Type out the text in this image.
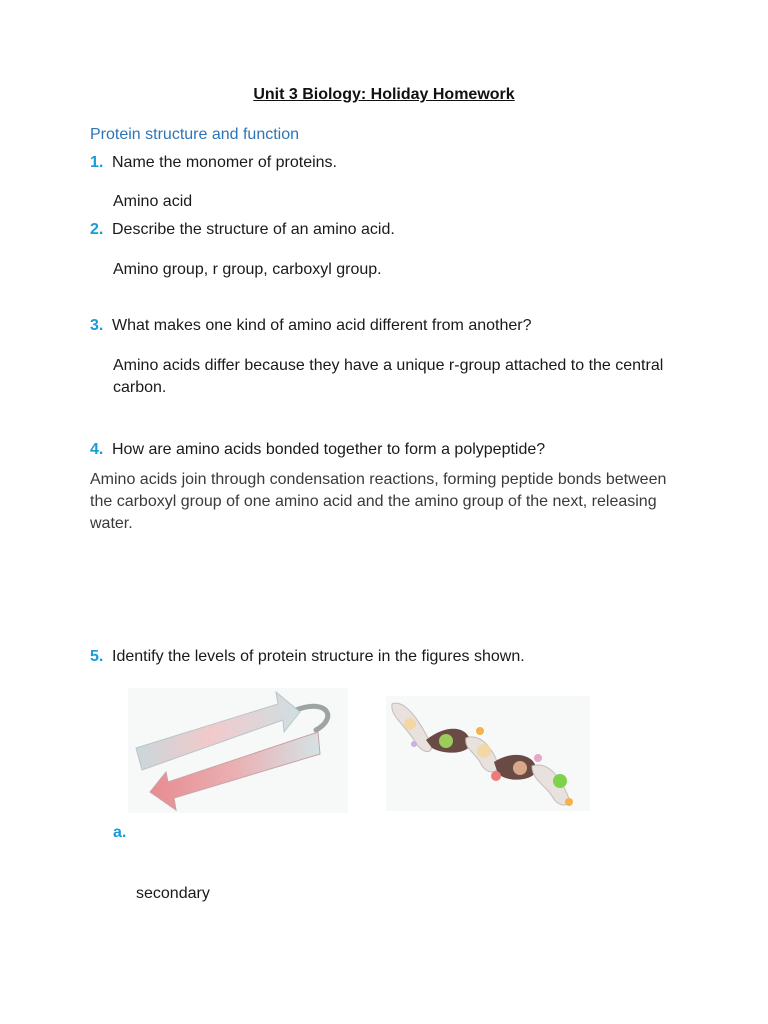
Unit 3 Biology: Holiday Homework
Protein structure and function
1. Name the monomer of proteins.
Amino acid
2. Describe the structure of an amino acid.
Amino group, r group, carboxyl group.
3. What makes one kind of amino acid different from another?
Amino acids differ because they have a unique r-group attached to the central
carbon.
4. How are amino acids bonded together to form a polypeptide?
Amino acids join through condensation reactions, forming peptide bonds between
the carboxyl group of one amino acid and the amino group of the next, releasing
water.
5. Identify the levels of protein structure in the figures shown.
a.
secondary
